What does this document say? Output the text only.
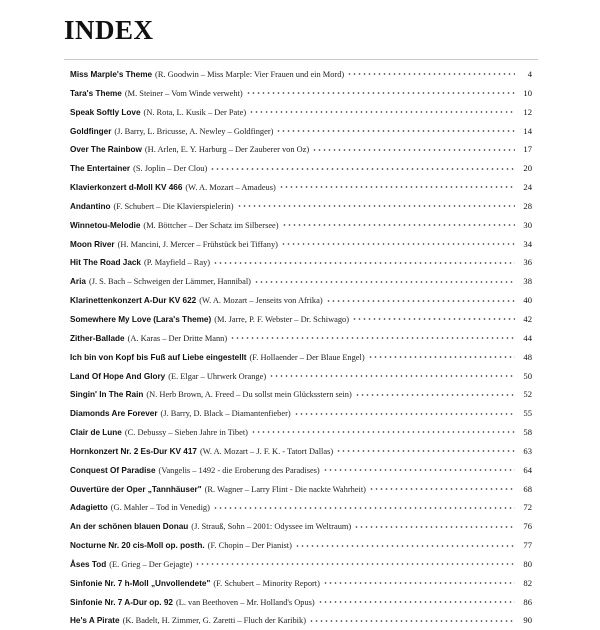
INDEX
Miss Marple's Theme (R. Goodwin – Miss Marple: Vier Frauen und ein Mord)	4
Tara's Theme (M. Steiner – Vom Winde verweht)	10
Speak Softly Love (N. Rota, L. Kusik – Der Pate)	12
Goldfinger (J. Barry, L. Bricusse, A. Newley – Goldfinger)	14
Over The Rainbow (H. Arlen, E. Y. Harburg – Der Zauberer von Oz)	17
The Entertainer (S. Joplin – Der Clou)	20
Klavierkonzert d-Moll KV 466 (W. A. Mozart – Amadeus)	24
Andantino (F. Schubert – Die Klavierspielerin)	28
Winnetou-Melodie (M. Böttcher – Der Schatz im Silbersee)	30
Moon River (H. Mancini, J. Mercer – Frühstück bei Tiffany)	34
Hit The Road Jack (P. Mayfield – Ray)	36
Aria (J. S. Bach – Schweigen der Lämmer, Hannibal)	38
Klarinettenkonzert A-Dur KV 622 (W. A. Mozart – Jenseits von Afrika)	40
Somewhere My Love (Lara's Theme) (M. Jarre, P. F. Webster – Dr. Schiwago)	42
Zither-Ballade (A. Karas – Der Dritte Mann)	44
Ich bin von Kopf bis Fuß auf Liebe eingestellt (F. Hollaender – Der Blaue Engel)	48
Land Of Hope And Glory (E. Elgar – Uhrwerk Orange)	50
Singin' In The Rain (N. Herb Brown, A. Freed – Du sollst mein Glücksstern sein)	52
Diamonds Are Forever (J. Barry, D. Black – Diamantenfieber)	55
Clair de Lune (C. Debussy – Sieben Jahre in Tibet)	58
Hornkonzert Nr. 2 Es-Dur KV 417 (W. A. Mozart – J. F. K. - Tatort Dallas)	63
Conquest Of Paradise (Vangelis – 1492 - die Eroberung des Paradises)	64
Ouvertüre der Oper „Tannhäuser" (R. Wagner – Larry Flint - Die nackte Wahrheit)	68
Adagietto (G. Mahler – Tod in Venedig)	72
An der schönen blauen Donau (J. Strauß, Sohn – 2001: Odyssee im Weltraum)	76
Nocturne Nr. 20 cis-Moll op. posth. (F. Chopin – Der Pianist)	77
Åses Tod (E. Grieg – Der Gejagte)	80
Sinfonie Nr. 7 h-Moll „Unvollendete" (F. Schubert – Minority Report)	82
Sinfonie Nr. 7 A-Dur op. 92 (L. van Beethoven – Mr. Holland's Opus)	86
He's A Pirate (K. Badelt, H. Zimmer, G. Zaretti – Fluch der Karibik)	90
